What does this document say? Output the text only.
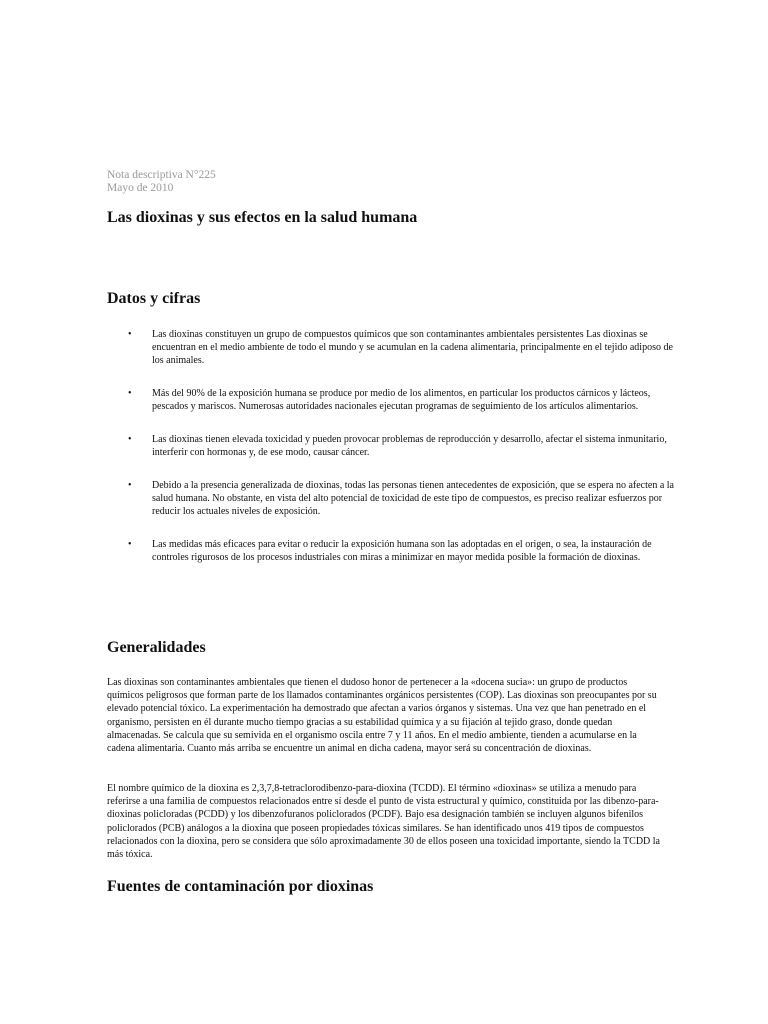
Nota descriptiva N°225
Mayo de 2010
Las dioxinas y sus efectos en la salud humana
Datos y cifras
• Las dioxinas constituyen un grupo de compuestos químicos que son contaminantes ambientales persistentes Las dioxinas se encuentran en el medio ambiente de todo el mundo y se acumulan en la cadena alimentaria, principalmente en el tejido adiposo de los animales.
• Más del 90% de la exposición humana se produce por medio de los alimentos, en particular los productos cárnicos y lácteos, pescados y mariscos. Numerosas autoridades nacionales ejecutan programas de seguimiento de los artículos alimentarios.
• Las dioxinas tienen elevada toxicidad y pueden provocar problemas de reproducción y desarrollo, afectar el sistema inmunitario, interferir con hormonas y, de ese modo, causar cáncer.
• Debido a la presencia generalizada de dioxinas, todas las personas tienen antecedentes de exposición, que se espera no afecten a la salud humana. No obstante, en vista del alto potencial de toxicidad de este tipo de compuestos, es preciso realizar esfuerzos por reducir los actuales niveles de exposición.
• Las medidas más eficaces para evitar o reducir la exposición humana son las adoptadas en el origen, o sea, la instauración de controles rigurosos de los procesos industriales con miras a minimizar en mayor medida posible la formación de dioxinas.
Generalidades

Las dioxinas son contaminantes ambientales que tienen el dudoso honor de pertenecer a la «docena sucia»: un grupo de productos químicos peligrosos que forman parte de los llamados contaminantes orgánicos persistentes (COP). Las dioxinas son preocupantes por su elevado potencial tóxico. La experimentación ha demostrado que afectan a varios órganos y sistemas. Una vez que han penetrado en el organismo, persisten en él durante mucho tiempo gracias a su estabilidad química y a su fijación al tejido graso, donde quedan almacenadas. Se calcula que su semivida en el organismo oscila entre 7 y 11 años. En el medio ambiente, tienden a acumularse en la cadena alimentaria. Cuanto más arriba se encuentre un animal en dicha cadena, mayor será su concentración de dioxinas.

El nombre químico de la dioxina es 2,3,7,8-tetraclorodibenzo-para-dioxina (TCDD). El término «dioxinas» se utiliza a menudo para referirse a una familia de compuestos relacionados entre sí desde el punto de vista estructural y químico, constituida por las dibenzo-para-dioxinas policloradas (PCDD) y los dibenzofuranos policlorados (PCDF). Bajo esa designación también se incluyen algunos bifenilos policlorados (PCB) análogos a la dioxina que poseen propiedades tóxicas similares. Se han identificado unos 419 tipos de compuestos relacionados con la dioxina, pero se considera que sólo aproximadamente 30 de ellos poseen una toxicidad importante, siendo la TCDD la más tóxica.

Fuentes de contaminación por dioxinas
